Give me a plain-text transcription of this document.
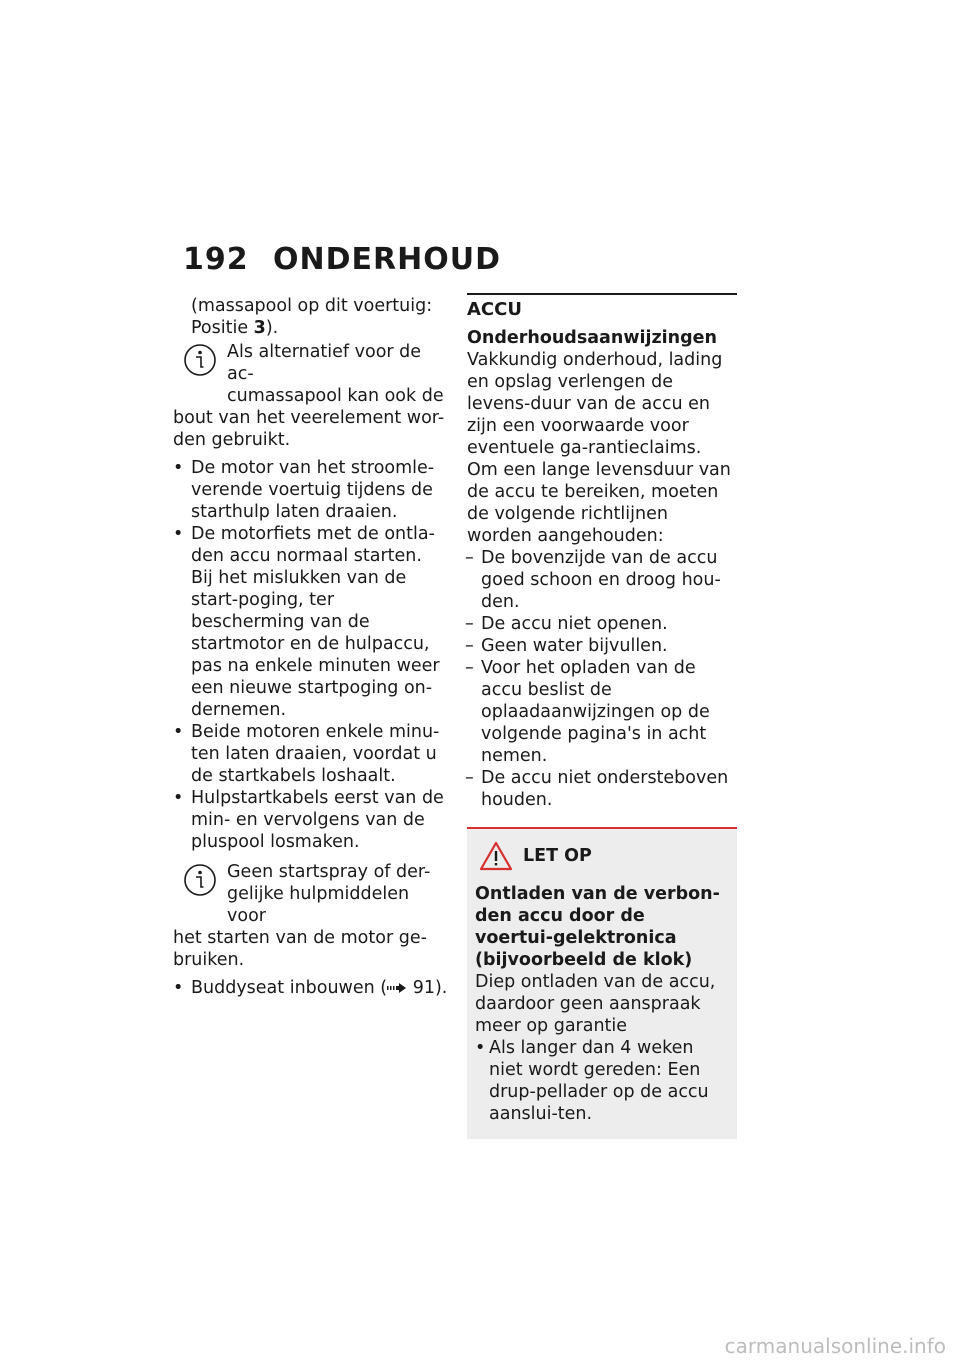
192 ONDERHOUD

(massapool op dit voertuig:
Positie 3).

Als alternatief voor de ac-

cumassapool kan ook de

bout van het veerelement wor-den gebruikt.

• De motor van het stroomle-verende voertuig tijdens de starthulp laten draaien.

• De motorfiets met de ontla-den accu normaal starten. Bij het mislukken van de start-poging, ter bescherming van de startmotor en de hulpaccu, pas na enkele minuten weer een nieuwe startpoging on-dernemen.

• Beide motoren enkele minu-ten laten draaien, voordat u de startkabels loshaalt.

• Hulpstartkabels eerst van de min- en vervolgens van de pluspool losmaken.

Geen startspray of der-

gelijke hulpmiddelen voor

het starten van de motor ge-bruiken.

• Buddyseat inbouwen ( 91).

ACCU

Onderhoudsaanwijzingen

Vakkundig onderhoud, lading en opslag verlengen de levens-duur van de accu en zijn een voorwaarde voor eventuele ga-rantieclaims.

Om een lange levensduur van de accu te bereiken, moeten de volgende richtlijnen worden aangehouden:

– De bovenzijde van de accu goed schoon en droog hou-den.

– De accu niet openen.

– Geen water bijvullen.

– Voor het opladen van de accu beslist de oplaadaanwijzingen op de volgende pagina's in acht nemen.

– De accu niet ondersteboven houden.

LET OP

Ontladen van de verbon-den accu door de voertui-gelektronica (bijvoorbeeld de klok)

Diep ontladen van de accu, daardoor geen aanspraak meer op garantie

• Als langer dan 4 weken niet wordt gereden: Een drup-pellader op de accu aanslui-ten.

carmanualsonline.info
